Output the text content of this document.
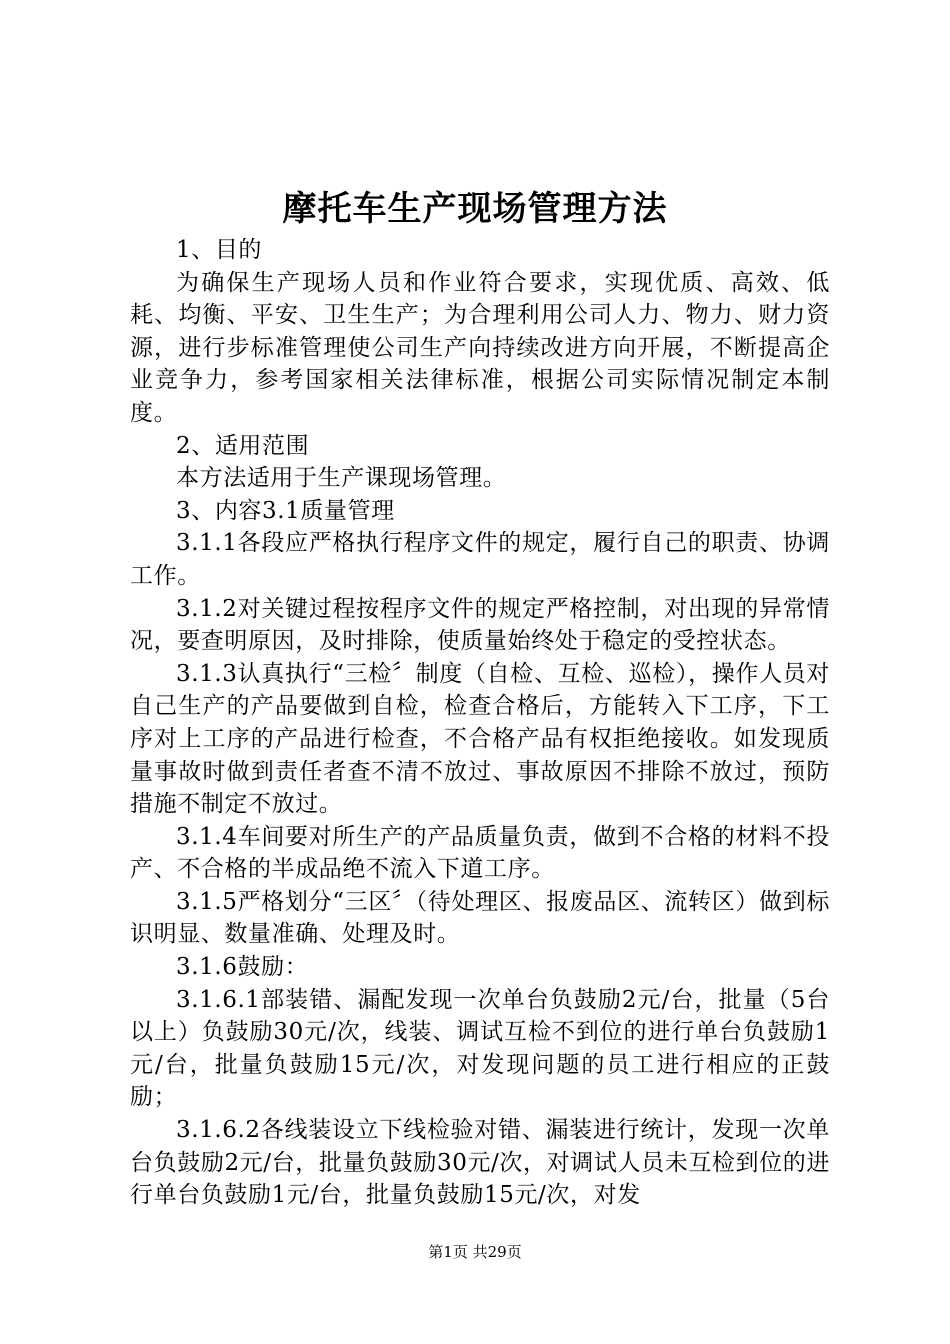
摩托车生产现场管理方法

1、目的

为确保生产现场人员和作业符合要求，实现优质、高效、低耗、均衡、平安、卫生生产；为合理利用公司人力、物力、财力资源，进行步标准管理使公司生产向持续改进方向开展，不断提高企业竞争力，参考国家相关法律标准，根据公司实际情况制定本制度。

2、适用范围

本方法适用于生产课现场管理。

3、内容3.1质量管理

3.1.1各段应严格执行程序文件的规定，履行自己的职责、协调工作。

3.1.2对关键过程按程序文件的规定严格控制，对出现的异常情况，要查明原因，及时排除，使质量始终处于稳定的受控状态。

3.1.3认真执行“三检〞制度（自检、互检、巡检），操作人员对自己生产的产品要做到自检，检查合格后，方能转入下工序，下工序对上工序的产品进行检查，不合格产品有权拒绝接收。如发现质量事故时做到责任者查不清不放过、事故原因不排除不放过，预防措施不制定不放过。

3.1.4车间要对所生产的产品质量负责，做到不合格的材料不投产、不合格的半成品绝不流入下道工序。

3.1.5严格划分“三区〞（待处理区、报废品区、流转区）做到标识明显、数量准确、处理及时。

3.1.6鼓励：

3.1.6.1部装错、漏配发现一次单台负鼓励2元/台，批量（5台以上）负鼓励30元/次，线装、调试互检不到位的进行单台负鼓励1元/台，批量负鼓励15元/次，对发现问题的员工进行相应的正鼓励；

3.1.6.2各线装设立下线检验对错、漏装进行统计，发现一次单台负鼓励2元/台，批量负鼓励30元/次，对调试人员未互检到位的进行单台负鼓励1元/台，批量负鼓励15元/次，对发

第1页 共29页
